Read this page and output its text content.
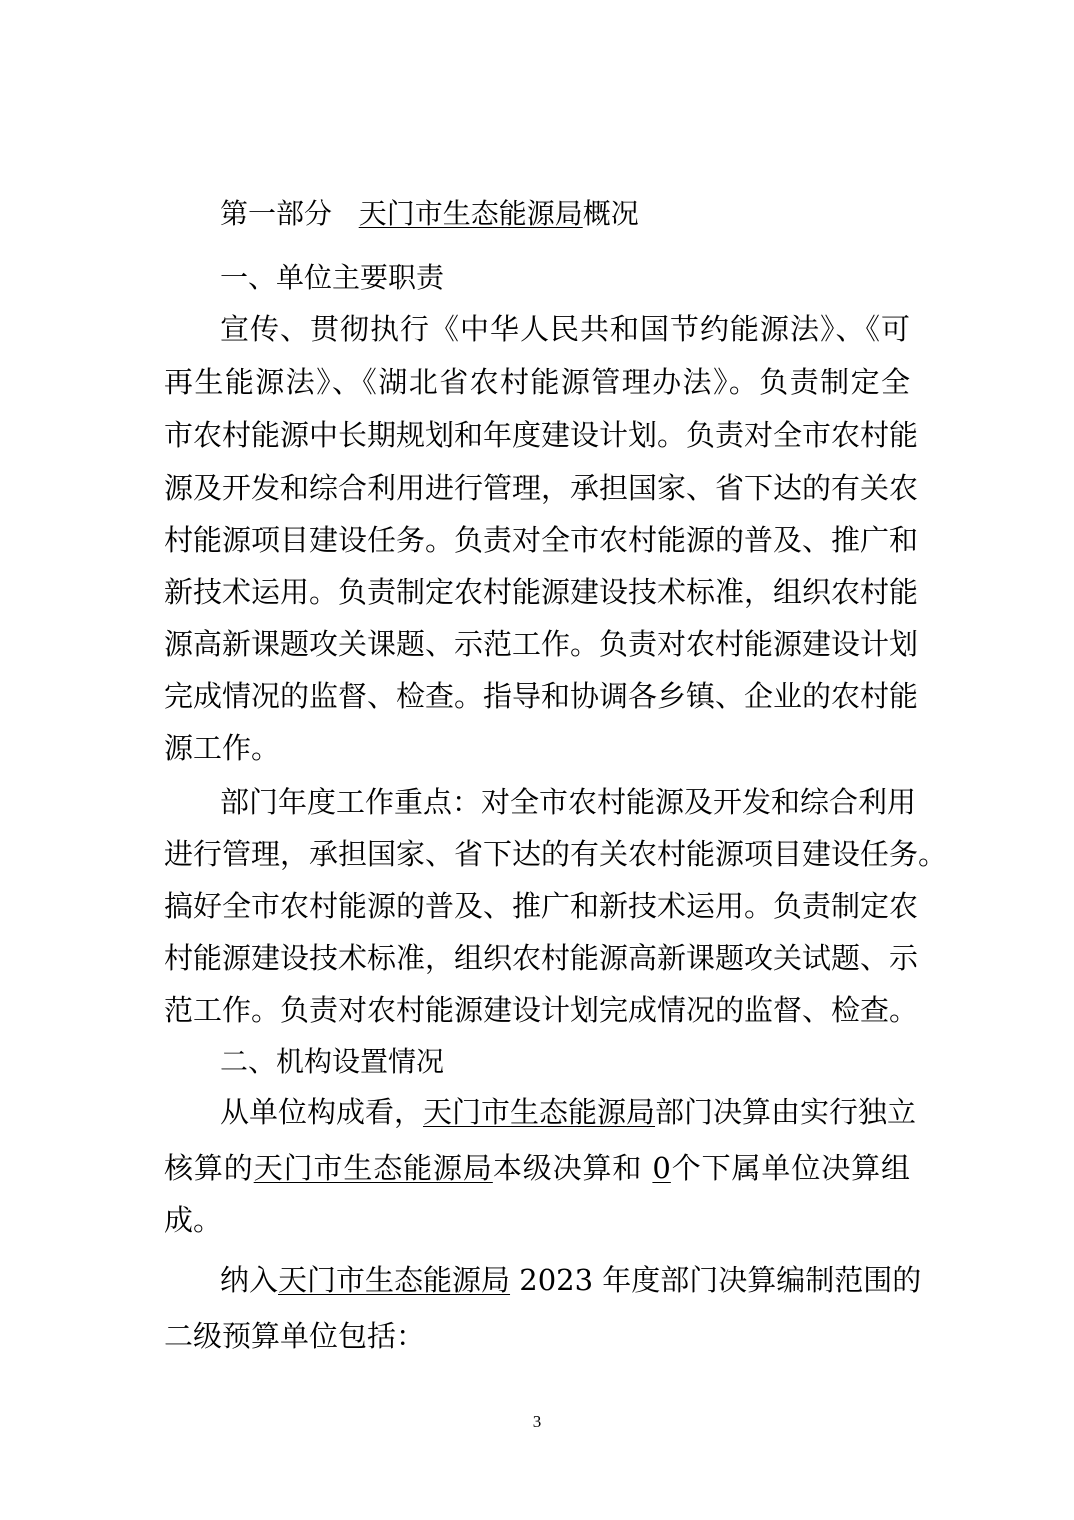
第一部分 天门市生态能源局概况
一、单位主要职责
宣传、贯彻执行《中华人民共和国节约能源法》、《可
再生能源法》、《湖北省农村能源管理办法》。负责制定全
市农村能源中长期规划和年度建设计划。负责对全市农村能
源及开发和综合利用进行管理，承担国家、省下达的有关农
村能源项目建设任务。负责对全市农村能源的普及、推广和
新技术运用。负责制定农村能源建设技术标准，组织农村能
源高新课题攻关课题、示范工作。负责对农村能源建设计划
完成情况的监督、检查。指导和协调各乡镇、企业的农村能
源工作。
部门年度工作重点：对全市农村能源及开发和综合利用
进行管理，承担国家、省下达的有关农村能源项目建设任务。
搞好全市农村能源的普及、推广和新技术运用。负责制定农
村能源建设技术标准，组织农村能源高新课题攻关试题、示
范工作。负责对农村能源建设计划完成情况的监督、检查。
二、机构设置情况
从单位构成看，天门市生态能源局部门决算由实行独立
核算的天门市生态能源局本级决算和 0个下属单位决算组
成。
纳入天门市生态能源局 2023 年度部门决算编制范围的
二级预算单位包括：
3
